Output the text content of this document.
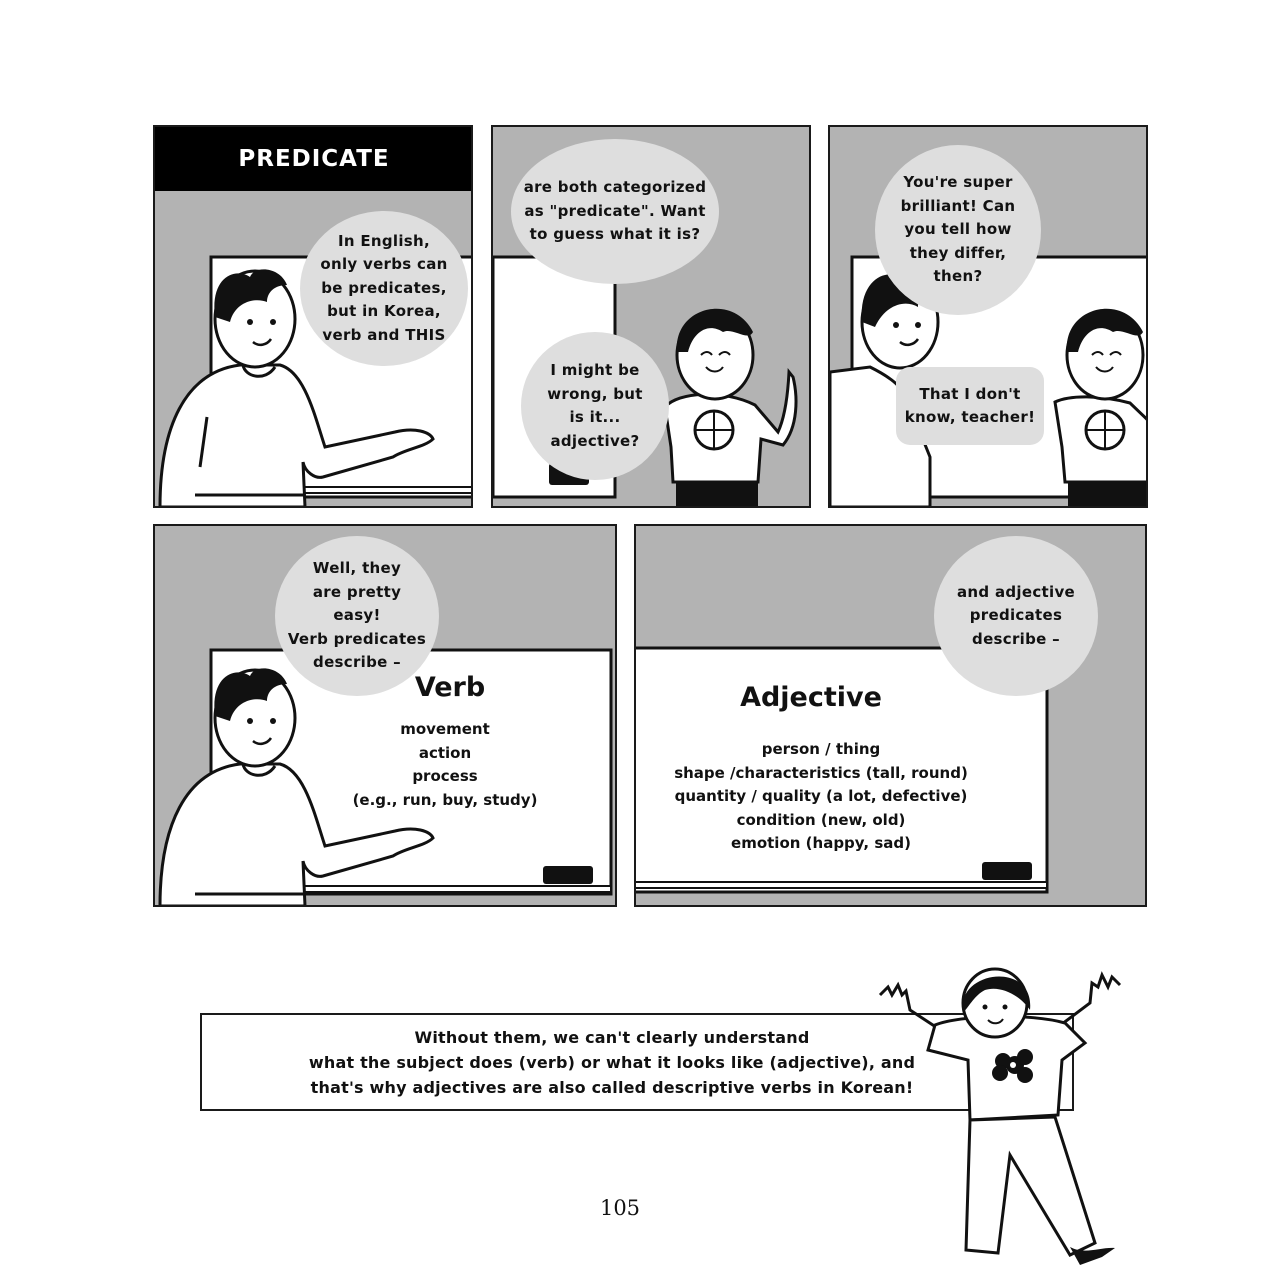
PREDICATE
In English,
only verbs can
be predicates,
but in Korea,
verb and THIS
are both categorized
as "predicate". Want
to guess what it is?
I might be
wrong, but
is it...
adjective?
You're super
brilliant! Can
you tell how
they differ,
then?
That I don't
know, teacher!
Well, they
are pretty
easy!
Verb predicates
describe –
Verb
movement
action
process
(e.g., run, buy, study)
and adjective
predicates
describe –
Adjective
person / thing
shape /characteristics (tall, round)
quantity / quality (a lot, defective)
condition (new, old)
emotion (happy, sad)
Without them, we can't clearly understand
what the subject does (verb) or what it looks like (adjective), and
that's why adjectives are also called descriptive verbs in Korean!
105
